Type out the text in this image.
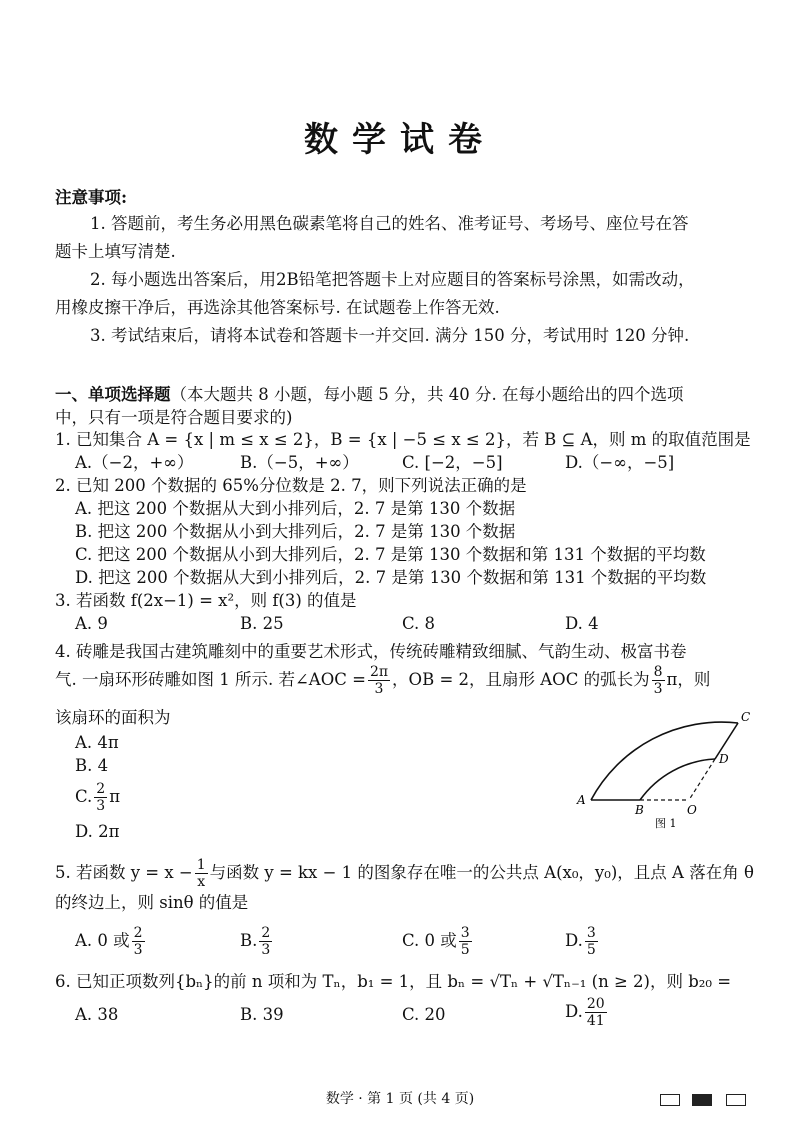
数学试卷
注意事项:
1. 答题前，考生务必用黑色碳素笔将自己的姓名、准考证号、考场号、座位号在答
题卡上填写清楚.
2. 每小题选出答案后，用2B铅笔把答题卡上对应题目的答案标号涂黑，如需改动，
用橡皮擦干净后，再选涂其他答案标号. 在试题卷上作答无效.
3. 考试结束后，请将本试卷和答题卡一并交回. 满分 150 分，考试用时 120 分钟.
一、单项选择题（本大题共 8 小题，每小题 5 分，共 40 分. 在每小题给出的四个选项
中，只有一项是符合题目要求的)
1. 已知集合 A = {x | m ≤ x ≤ 2}，B = {x | −5 ≤ x ≤ 2}，若 B ⊆ A，则 m 的取值范围是
A.（−2，+∞）	B.（−5，+∞）	C. [−2，−5]	D.（−∞，−5]
2. 已知 200 个数据的 65%分位数是 2. 7，则下列说法正确的是
A. 把这 200 个数据从大到小排列后，2. 7 是第 130 个数据
B. 把这 200 个数据从小到大排列后，2. 7 是第 130 个数据
C. 把这 200 个数据从小到大排列后，2. 7 是第 130 个数据和第 131 个数据的平均数
D. 把这 200 个数据从大到小排列后，2. 7 是第 130 个数据和第 131 个数据的平均数
3. 若函数 f(2x−1) = x²，则 f(3) 的值是
A. 9	B. 25	C. 8	D. 4
4. 砖雕是我国古建筑雕刻中的重要艺术形式，传统砖雕精致细腻、气韵生动、极富书卷
气. 一扇环形砖雕如图 1 所示. 若∠AOC = $\frac{2\pi}{3}$ ，OB = 2，且扇形 AOC 的弧长为 $\frac{8}{3}$ π，则
该扇环的面积为
A. 4π
B. 4
C. $\frac{2}{3}$ π
D. 2π
A
B
C
D
O
图 1
5. 若函数 $y = x - \frac{1}{x}$ 与函数 y = kx − 1 的图象存在唯一的公共点 A(x₀，y₀)，且点 A 落在角 θ
的终边上，则 sinθ 的值是
A. 0 或 $\frac{2}{3}$	B. $\frac{2}{3}$	C. 0 或 $\frac{3}{5}$	D. $\frac{3}{5}$
6. 已知正项数列{bₙ}的前 n 项和为 Tₙ，b₁ = 1，且 bₙ = √Tₙ + √Tₙ₋₁ (n ≥ 2)，则 b₂₀ =
A. 38	B. 39	C. 20	D. $\frac{20}{41}$
数学 · 第 1 页 (共 4 页)
